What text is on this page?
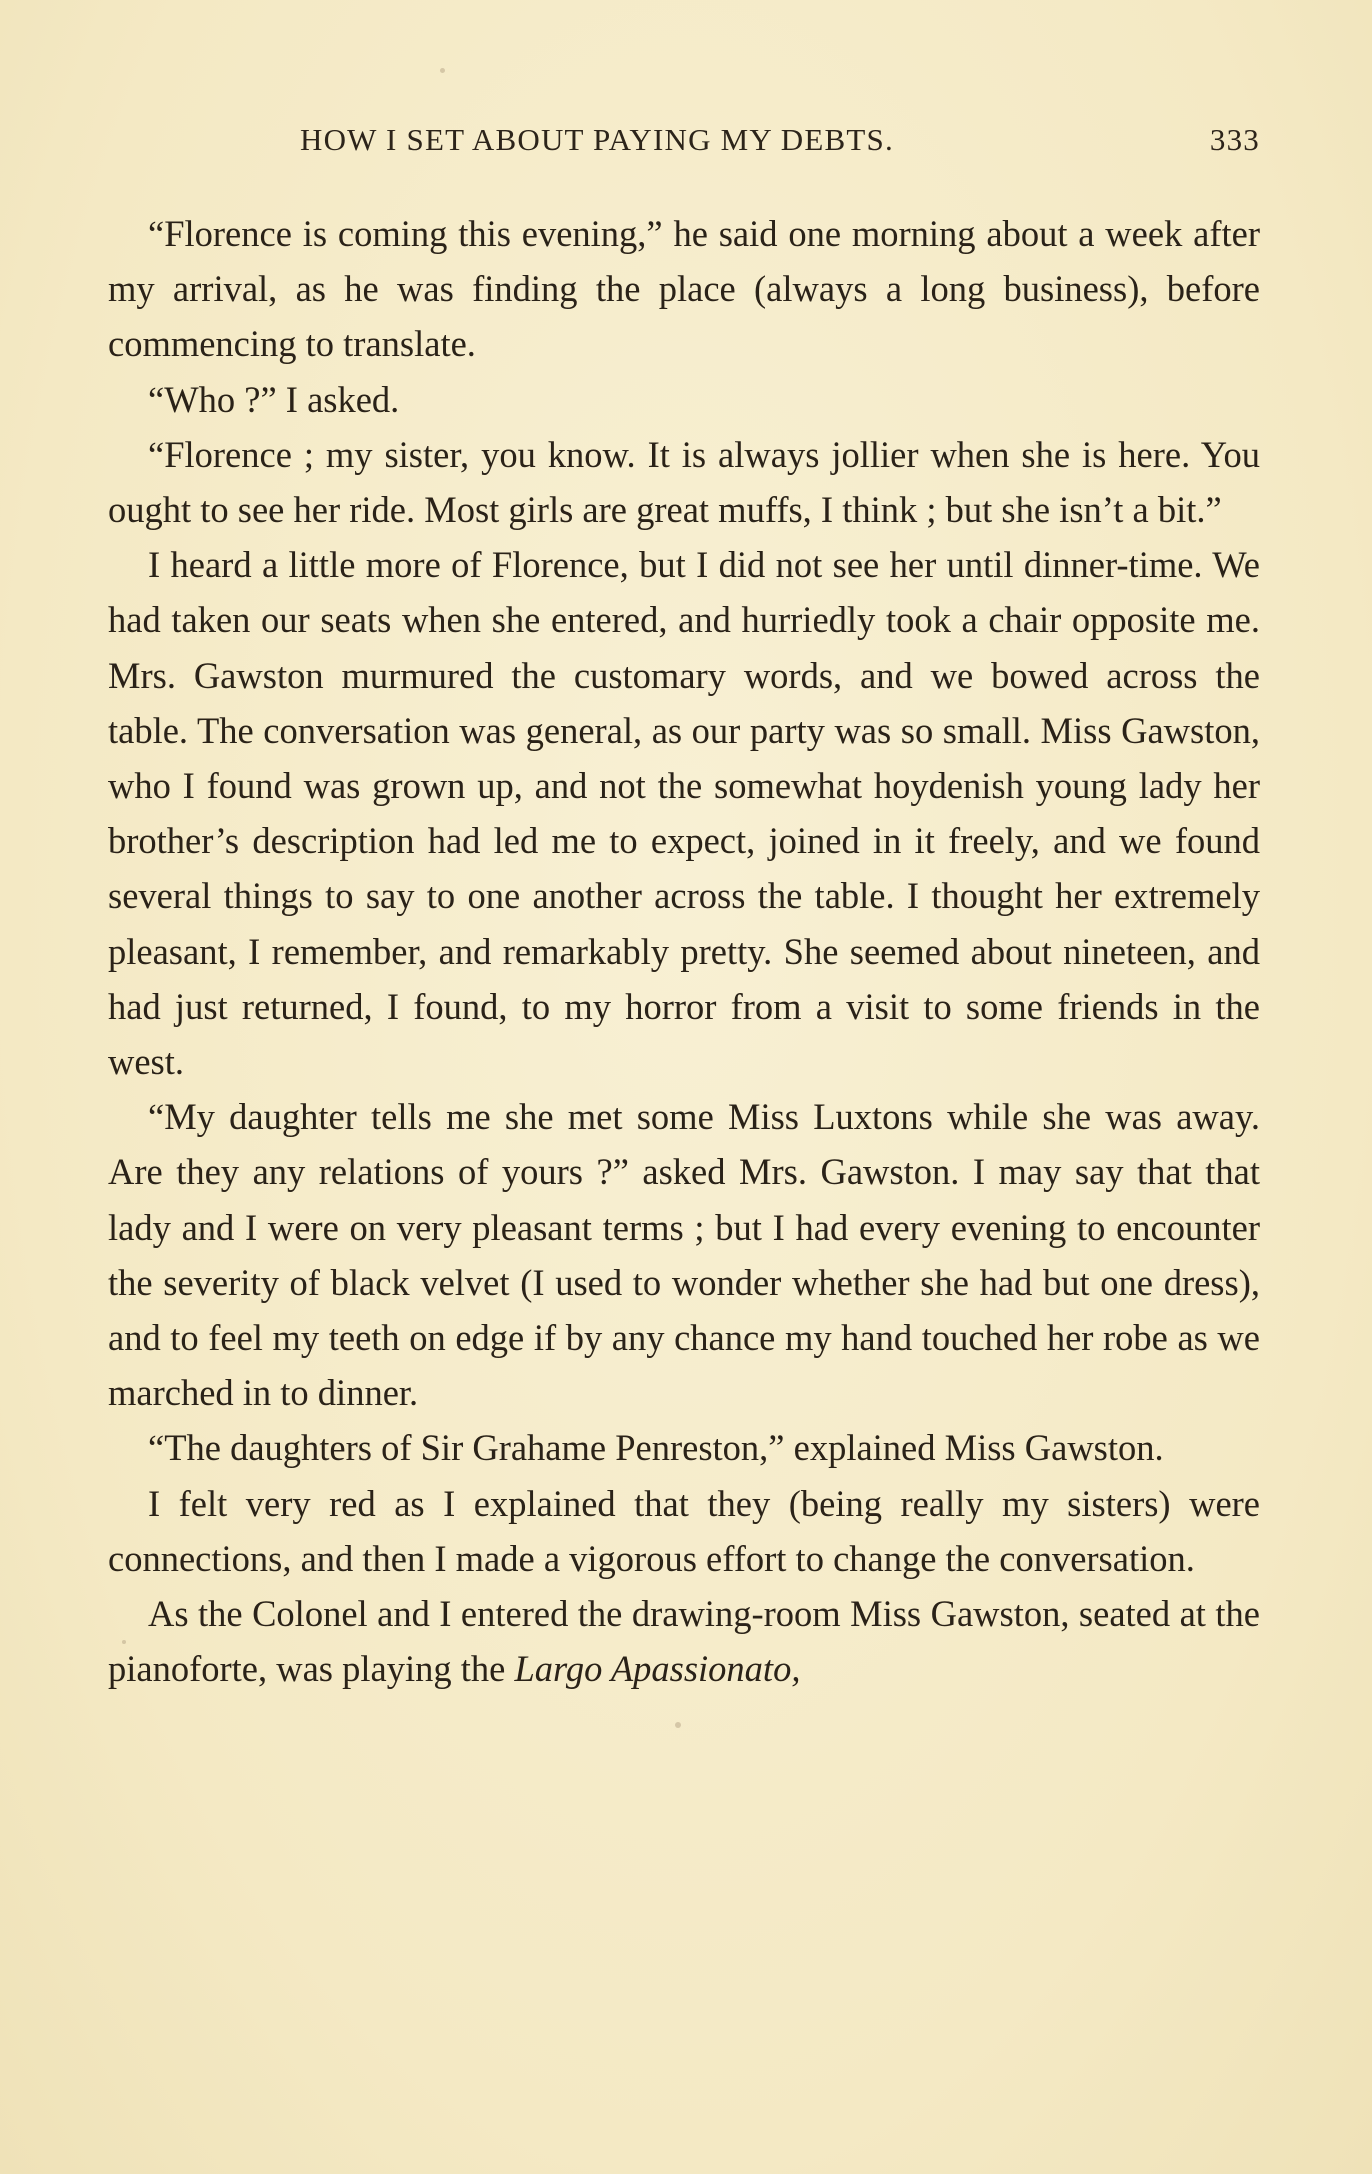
HOW I SET ABOUT PAYING MY DEBTS.	333

“Florence is coming this evening,” he said one morning about a week after my arrival, as he was finding the place (always a long business), before commencing to translate.

“Who ?” I asked.

“Florence ; my sister, you know. It is always jollier when she is here. You ought to see her ride. Most girls are great muffs, I think ; but she isn’t a bit.”

I heard a little more of Florence, but I did not see her until dinner-time. We had taken our seats when she entered, and hurriedly took a chair opposite me. Mrs. Gawston murmured the customary words, and we bowed across the table. The conversation was general, as our party was so small. Miss Gawston, who I found was grown up, and not the somewhat hoydenish young lady her brother’s description had led me to expect, joined in it freely, and we found several things to say to one another across the table. I thought her extremely pleasant, I remember, and remarkably pretty. She seemed about nineteen, and had just returned, I found, to my horror from a visit to some friends in the west.

“My daughter tells me she met some Miss Luxtons while she was away. Are they any relations of yours ?” asked Mrs. Gawston. I may say that that lady and I were on very pleasant terms ; but I had every evening to encounter the severity of black velvet (I used to wonder whether she had but one dress), and to feel my teeth on edge if by any chance my hand touched her robe as we marched in to dinner.

“The daughters of Sir Grahame Penreston,” explained Miss Gawston.

I felt very red as I explained that they (being really my sisters) were connections, and then I made a vigorous effort to change the conversation.

As the Colonel and I entered the drawing-room Miss Gawston, seated at the pianoforte, was playing the Largo Apassionato,
